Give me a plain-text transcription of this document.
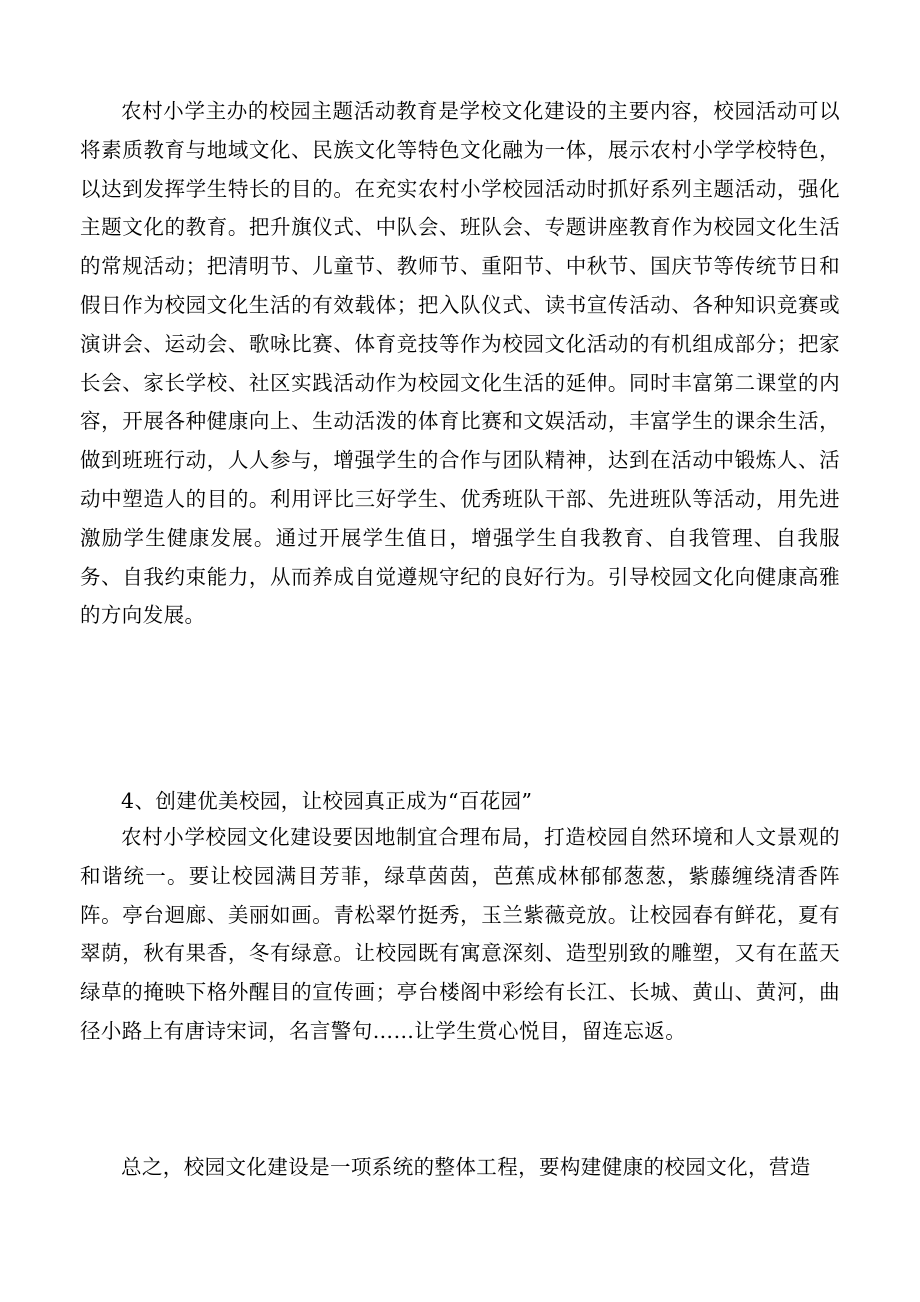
农村小学主办的校园主题活动教育是学校文化建设的主要内容，校园活动可以将素质教育与地域文化、民族文化等特色文化融为一体，展示农村小学学校特色，以达到发挥学生特长的目的。在充实农村小学校园活动时抓好系列主题活动，强化主题文化的教育。把升旗仪式、中队会、班队会、专题讲座教育作为校园文化生活的常规活动；把清明节、儿童节、教师节、重阳节、中秋节、国庆节等传统节日和假日作为校园文化生活的有效载体；把入队仪式、读书宣传活动、各种知识竞赛或演讲会、运动会、歌咏比赛、体育竞技等作为校园文化活动的有机组成部分；把家长会、家长学校、社区实践活动作为校园文化生活的延伸。同时丰富第二课堂的内容，开展各种健康向上、生动活泼的体育比赛和文娱活动，丰富学生的课余生活，做到班班行动，人人参与，增强学生的合作与团队精神，达到在活动中锻炼人、活动中塑造人的目的。利用评比三好学生、优秀班队干部、先进班队等活动，用先进激励学生健康发展。通过开展学生值日，增强学生自我教育、自我管理、自我服务、自我约束能力，从而养成自觉遵规守纪的良好行为。引导校园文化向健康高雅的方向发展。

4、创建优美校园，让校园真正成为“百花园”

农村小学校园文化建设要因地制宜合理布局，打造校园自然环境和人文景观的和谐统一。要让校园满目芳菲，绿草茵茵，芭蕉成林郁郁葱葱，紫藤缠绕清香阵阵。亭台迴廊、美丽如画。青松翠竹挺秀，玉兰紫薇竞放。让校园春有鲜花，夏有翠荫，秋有果香，冬有绿意。让校园既有寓意深刻、造型别致的雕塑，又有在蓝天绿草的掩映下格外醒目的宣传画；亭台楼阁中彩绘有长江、长城、黄山、黄河，曲径小路上有唐诗宋词，名言警句……让学生赏心悦目，留连忘返。

总之，校园文化建设是一项系统的整体工程，要构建健康的校园文化，营造
